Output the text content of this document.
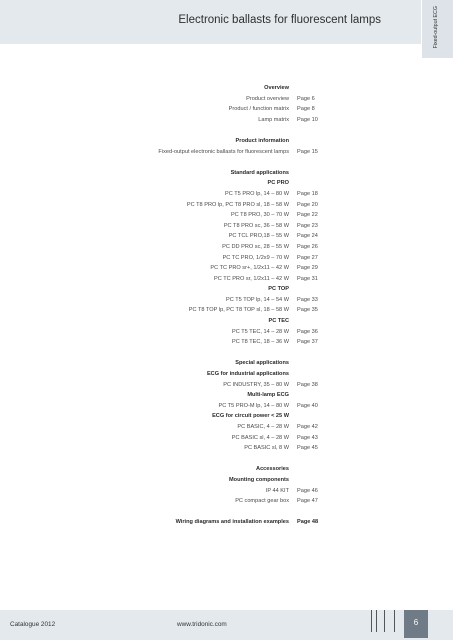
Electronic ballasts for fluorescent lamps	Fixed-output ECG
Overview
Product overview Page 6
Product / function matrix Page 8
Lamp matrix Page 10
Product information
Fixed-output electronic ballasts for fluorescent lamps Page 15
Standard applications
PC PRO
PC T5 PRO lp, 14 – 80 W Page 18
PC T8 PRO lp, PC T8 PRO sl, 18 – 58 W Page 20
PC T8 PRO, 30 – 70 W Page 22
PC T8 PRO sc, 36 – 58 W Page 23
PC TCL PRO,18 – 55 W Page 24
PC DD PRO sc, 28 – 55 W Page 26
PC TC PRO, 1/2x9 – 70 W Page 27
PC TC PRO sr+, 1/2x11 – 42 W Page 29
PC TC PRO sr, 1/2x11 – 42 W Page 31
PC TOP
PC T5 TOP lp, 14 – 54 W Page 33
PC T8 TOP lp, PC T8 TOP sl, 18 – 58 W Page 35
PC TEC
PC T5 TEC, 14 – 28 W Page 36
PC T8 TEC, 18 – 36 W Page 37
Special applications
ECG for industrial applications
PC INDUSTRY, 35 – 80 W Page 38
Multi-lamp ECG
PC T5 PRO-M lp, 14 – 80 W Page 40
ECG for circuit power < 25 W
PC BASIC, 4 – 28 W Page 42
PC BASIC sl, 4 – 28 W Page 43
PC BASIC sl, 8 W Page 45
Accessories
Mounting components
IP 44 KIT Page 46
PC compact gear box Page 47
Wiring diagrams and installation examples Page 48
Catalogue 2012	www.tridonic.com	6
